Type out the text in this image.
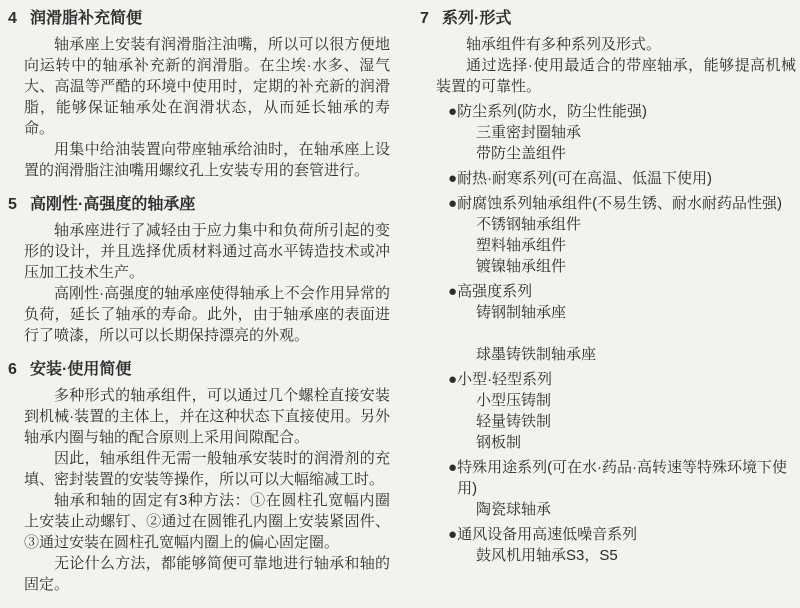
4 润滑脂补充简便

轴承座上安装有润滑脂注油嘴，所以可以很方便地向运转中的轴承补充新的润滑脂。在尘埃·水多、湿气大、高温等严酷的环境中使用时，定期的补充新的润滑脂，能够保证轴承处在润滑状态，从而延长轴承的寿命。

用集中给油装置向带座轴承给油时，在轴承座上设置的润滑脂注油嘴用螺纹孔上安装专用的套管进行。

5 高刚性·高强度的轴承座

轴承座进行了减轻由于应力集中和负荷所引起的变形的设计，并且选择优质材料通过高水平铸造技术或冲压加工技术生产。

高刚性·高强度的轴承座使得轴承上不会作用异常的负荷，延长了轴承的寿命。此外，由于轴承座的表面进行了喷漆，所以可以长期保持漂亮的外观。

6 安装·使用简便

多种形式的轴承组件，可以通过几个螺栓直接安装到机械·装置的主体上，并在这种状态下直接使用。另外轴承内圈与轴的配合原则上采用间隙配合。

因此，轴承组件无需一般轴承安装时的润滑剂的充填、密封装置的安装等操作，所以可以大幅缩减工时。

轴承和轴的固定有3种方法：①在圆柱孔宽幅内圈上安装止动螺钉、②通过在圆锥孔内圈上安装紧固件、③通过安装在圆柱孔宽幅内圈上的偏心固定圈。

无论什么方法，都能够简便可靠地进行轴承和轴的固定。

7 系列·形式

轴承组件有多种系列及形式。

通过选择·使用最适合的带座轴承，能够提高机械装置的可靠性。

● 防尘系列(防水，防尘性能强)
三重密封圈轴承
带防尘盖组件
● 耐热·耐寒系列(可在高温、低温下使用)
● 耐腐蚀系列轴承组件(不易生锈、耐水耐药品性强)
不锈钢轴承组件
塑料轴承组件
镀镍轴承组件
● 高强度系列
铸钢制轴承座
球墨铸铁制轴承座
● 小型·轻型系列
小型压铸制
轻量铸铁制
钢板制
● 特殊用途系列(可在水·药品·高转速等特殊环境下使用)
陶瓷球轴承
● 通风设备用高速低噪音系列
鼓风机用轴承S3，S5
